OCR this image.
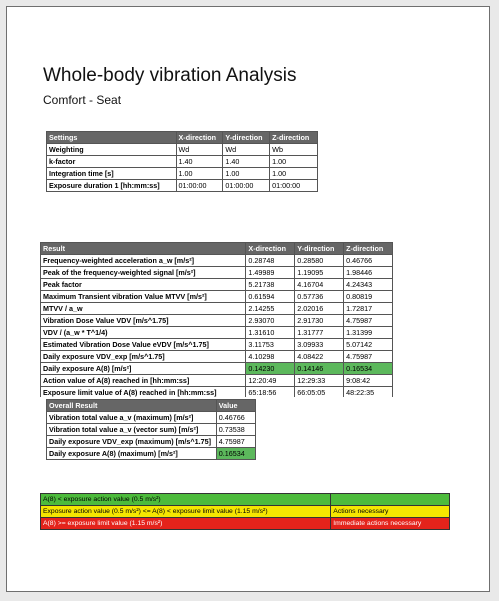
Whole-body vibration Analysis
Comfort - Seat
Settings	X-direction	Y-direction	Z-direction
Weighting	Wd	Wd	Wb
k-factor	1.40	1.40	1.00
Integration time [s]	1.00	1.00	1.00
Exposure duration 1 [hh:mm:ss]	01:00:00	01:00:00	01:00:00
Result	X-direction	Y-direction	Z-direction
Frequency-weighted acceleration a_w [m/s²]	0.28748	0.28580	0.46766
Peak of the frequency-weighted signal [m/s²]	1.49989	1.19095	1.98446
Peak factor	5.21738	4.16704	4.24343
Maximum Transient vibration Value MTVV [m/s²]	0.61594	0.57736	0.80819
MTVV / a_w	2.14255	2.02016	1.72817
Vibration Dose Value VDV [m/s^1.75]	2.93070	2.91730	4.75987
VDV / (a_w * T^1/4)	1.31610	1.31777	1.31399
Estimated Vibration Dose Value eVDV [m/s^1.75]	3.11753	3.09933	5.07142
Daily exposure VDV_exp [m/s^1.75]	4.10298	4.08422	4.75987
Daily exposure A(8) [m/s²]	0.14230	0.14146	0.16534
Action value of A(8) reached in [hh:mm:ss]	12:20:49	12:29:33	9:08:42
Exposure limit value of A(8) reached in [hh:mm:ss]	65:18:56	66:05:05	48:22:35
Overall Result	Value
Vibration total value a_v (maximum) [m/s²]	0.46766
Vibration total value a_v (vector sum) [m/s²]	0.73538
Daily exposure VDV_exp (maximum) [m/s^1.75]	4.75987
Daily exposure A(8) (maximum) [m/s²]	0.16534
A(8) < exposure action value (0.5 m/s²)	
Exposure action value (0.5 m/s²) <= A(8) < exposure limit value (1.15 m/s²)	Actions necessary
A(8) >= exposure limit value (1.15 m/s²)	Immediate actions necessary
